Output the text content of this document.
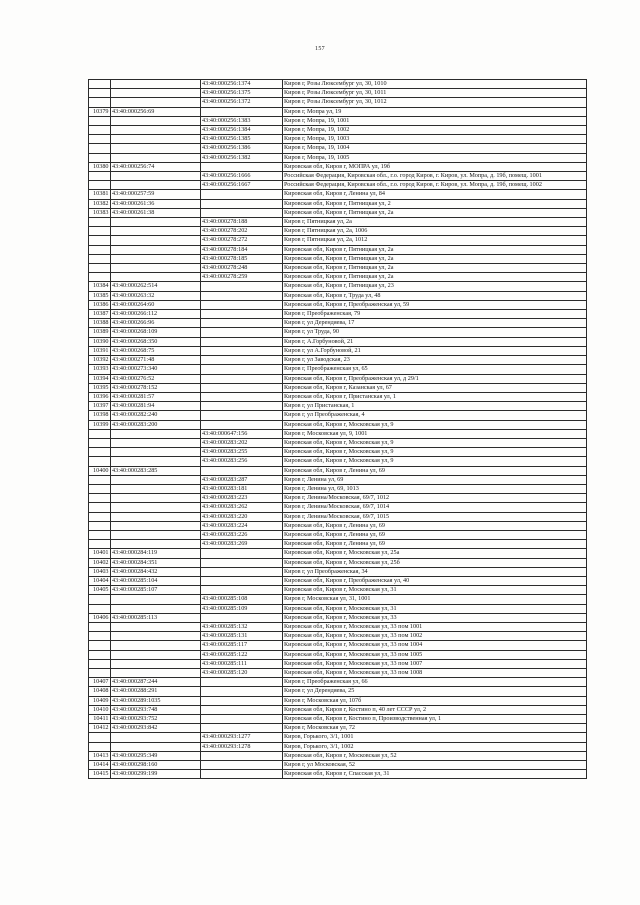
157
		43:40:000256:1374	Киров г, Розы Люксембург ул, 30, 1010
		43:40:000256:1375	Киров г, Розы Люксембург ул, 30, 1011
		43:40:000256:1372	Киров г, Розы Люксембург ул, 30, 1012
10379	43:40:000256:69		Киров г, Мопра ул, 19
		43:40:000256:1383	Киров г, Мопра, 19, 1001
		43:40:000256:1384	Киров г, Мопра, 19, 1002
		43:40:000256:1385	Киров г, Мопра, 19, 1003
		43:40:000256:1386	Киров г, Мопра, 19, 1004
		43:40:000256:1382	Киров г, Мопра, 19, 1005
10380	43:40:000256:74		Кировская обл, Киров г, МОПРА ул, 19б
		43:40:000256:1666	Российская Федерация, Кировская обл., г.о. город Киров, г. Киров, ул. Мопра, д. 19б, помещ. 1001
		43:40:000256:1667	Российская Федерация, Кировская обл., г.о. город Киров, г. Киров, ул. Мопра, д. 19б, помещ. 1002
10381	43:40:000257:59		Кировская обл, Киров г, Ленина ул, 84
10382	43:40:000261:36		Кировская обл, Киров г, Пятницкая ул, 2
10383	43:40:000261:38		Кировская обл, Киров г, Пятницкая ул, 2а
		43:40:000278:188	Киров г, Пятницкая ул, 2а
		43:40:000278:202	Киров г, Пятницкая ул, 2а, 1006
		43:40:000278:272	Киров г, Пятницкая ул, 2а, 1012
		43:40:000278:184	Кировская обл, Киров г, Пятницкая ул, 2а
		43:40:000278:185	Кировская обл, Киров г, Пятницкая ул, 2а
		43:40:000278:248	Кировская обл, Киров г, Пятницкая ул, 2а
		43:40:000278:259	Кировская обл, Киров г, Пятницкая ул, 2а
10384	43:40:000262:514		Кировская обл, Киров г, Пятницкая ул, 23
10385	43:40:000263:32		Кировская обл, Киров г, Труда ул, 48
10386	43:40:000264:60		Кировская обл, Киров г, Преображенская ул, 59
10387	43:40:000266:112		Киров г, Преображенская, 79
10388	43:40:000266:96		Киров г, ул Дерендяева, 17
10389	43:40:000268:109		Киров г, ул Труда, 90
10390	43:40:000268:350		Киров г, А.Горбуновой, 21
10391	43:40:000268:75		Киров г, ул А.Горбуновой, 21
10392	43:40:000271:48		Киров г, ул Заводская, 23
10393	43:40:000273:340		Киров г, Преображенская ул, 65
10394	43:40:000276:52		Кировская обл, Киров г, Преображенская ул, д 29/1
10395	43:40:000278:152		Кировская обл, Киров г, Казанская ул, 67
10396	43:40:000281:57		Кировская обл, Киров г, Пристанская ул, 1
10397	43:40:000281:94		Киров г, ул Пристанская, 1
10398	43:40:000282:240		Киров г, ул Преображенская, 4
10399	43:40:000283:200		Кировская обл, Киров г, Московская ул, 9
		43:40:000647:156	Киров г, Московская ул, 9, 1001
		43:40:000283:202	Кировская обл, Киров г, Московская ул, 9
		43:40:000283:255	Кировская обл, Киров г, Московская ул, 9
		43:40:000283:256	Кировская обл, Киров г, Московская ул, 9
10400	43:40:000283:285		Кировская обл, Киров г, Ленина ул, 69
		43:40:000283:287	Киров г, Ленина ул, 69
		43:40:000283:181	Киров г, Ленина ул, 69, 1013
		43:40:000283:223	Киров г, Ленина/Московская, 69/7, 1012
		43:40:000283:262	Киров г, Ленина/Московская, 69/7, 1014
		43:40:000283:220	Киров г, Ленина/Московская, 69/7, 1015
		43:40:000283:224	Кировская обл, Киров г, Ленина ул, 69
		43:40:000283:226	Кировская обл, Киров г, Ленина ул, 69
		43:40:000283:269	Кировская обл, Киров г, Ленина ул, 69
10401	43:40:000284:119		Кировская обл, Киров г, Московская ул, 25а
10402	43:40:000284:351		Кировская обл, Киров г, Московская ул, 25б
10403	43:40:000284:432		Киров г, ул Преображенская, 34
10404	43:40:000285:104		Кировская обл, Киров г, Преображенская ул, 40
10405	43:40:000285:107		Кировская обл, Киров г, Московская ул, 31
		43:40:000285:108	Киров г, Московская ул, 31, 1001
		43:40:000285:109	Кировская обл, Киров г, Московская ул, 31
10406	43:40:000285:113		Кировская обл, Киров г, Московская ул, 33
		43:40:000285:132	Кировская обл, Киров г, Московская ул, 33 пом 1001
		43:40:000285:131	Кировская обл, Киров г, Московская ул, 33 пом 1002
		43:40:000285:117	Кировская обл, Киров г, Московская ул, 33 пом 1004
		43:40:000285:122	Кировская обл, Киров г, Московская ул, 33 пом 1005
		43:40:000285:111	Кировская обл, Киров г, Московская ул, 33 пом 1007
		43:40:000285:120	Кировская обл, Киров г, Московская ул, 33 пом 1008
10407	43:40:000287:244		Киров г, Преображенская ул, 66
10408	43:40:000288:291		Киров г, ул Дерендяева, 25
10409	43:40:000289:1035		Киров г, Московская ул, 107б
10410	43:40:000293:748		Кировская обл, Киров г, Костино п, 40 лет СССР ул, 2
10411	43:40:000293:752		Кировская обл, Киров г, Костино п, Производственная ул, 1
10412	43:40:000293:842		Киров г, Московская ул, 72
		43:40:000293:1277	Киров, Горького, 3/1, 1001
		43:40:000293:1278	Киров, Горького, 3/1, 1002
10413	43:40:000295:349		Кировская обл, Киров г, Московская ул, 52
10414	43:40:000298:160		Киров г, ул Московская, 52
10415	43:40:000299:199		Кировская обл, Киров г, Спасская ул, 31
